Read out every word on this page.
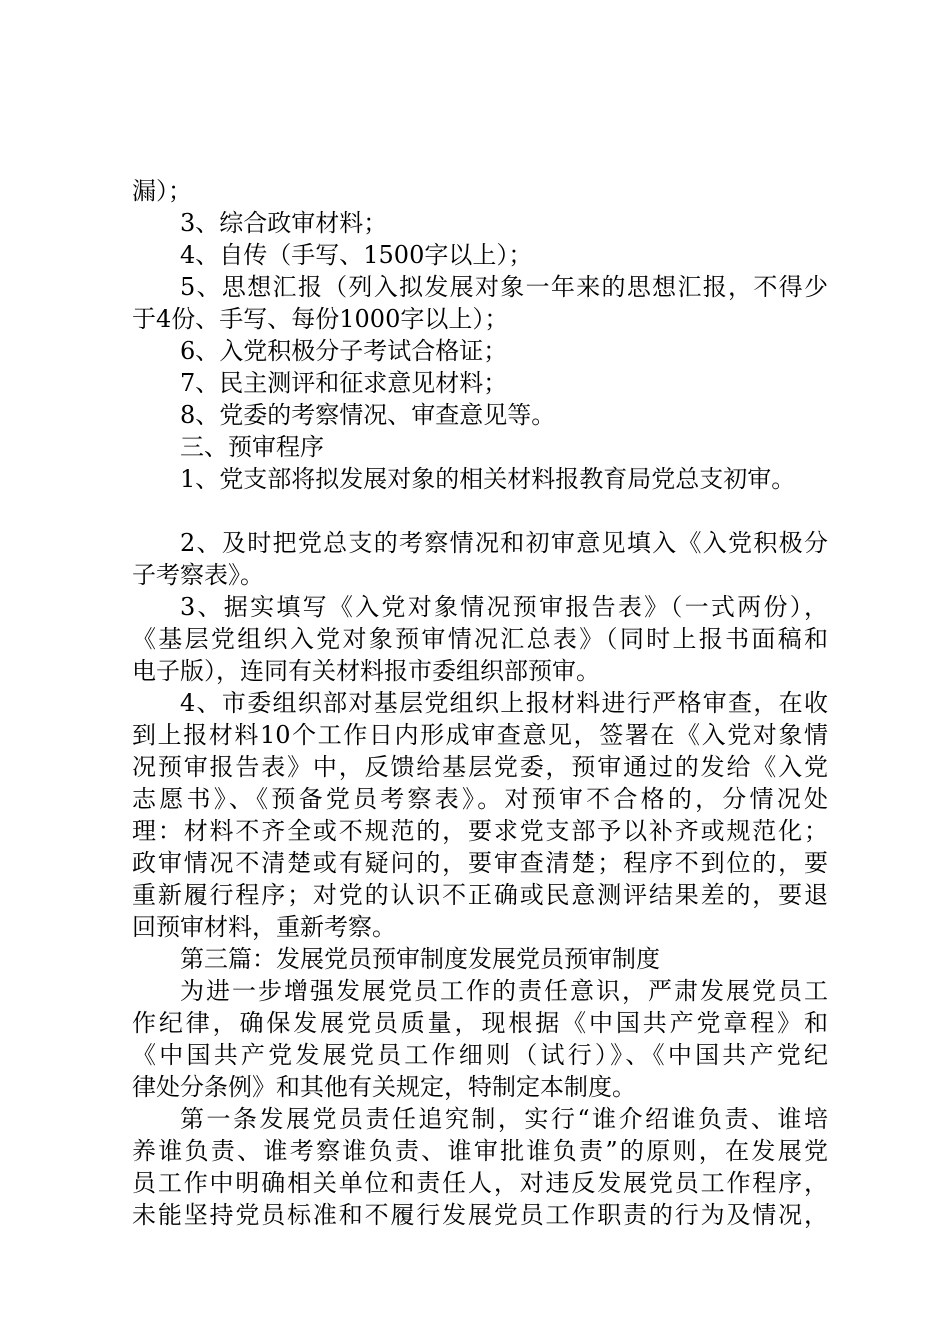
漏）；
3、综合政审材料；
4、自传（手写、1500字以上）；
5、思想汇报（列入拟发展对象一年来的思想汇报，不得少
于4份、手写、每份1000字以上）；
6、入党积极分子考试合格证；
7、民主测评和征求意见材料；
8、党委的考察情况、审查意见等。
三、预审程序
1、党支部将拟发展对象的相关材料报教育局党总支初审。
2、及时把党总支的考察情况和初审意见填入《入党积极分
子考察表》。
3、据实填写《入党对象情况预审报告表》（一式两份），
《基层党组织入党对象预审情况汇总表》（同时上报书面稿和
电子版），连同有关材料报市委组织部预审。
4、市委组织部对基层党组织上报材料进行严格审查，在收
到上报材料10个工作日内形成审查意见，签署在《入党对象情
况预审报告表》中，反馈给基层党委，预审通过的发给《入党
志愿书》、《预备党员考察表》。对预审不合格的，分情况处
理：材料不齐全或不规范的，要求党支部予以补齐或规范化；
政审情况不清楚或有疑问的，要审查清楚；程序不到位的，要
重新履行程序；对党的认识不正确或民意测评结果差的，要退
回预审材料，重新考察。
第三篇：发展党员预审制度发展党员预审制度
为进一步增强发展党员工作的责任意识，严肃发展党员工
作纪律，确保发展党员质量，现根据《中国共产党章程》和
《中国共产党发展党员工作细则（试行）》、《中国共产党纪
律处分条例》和其他有关规定，特制定本制度。
第一条发展党员责任追究制，实行“谁介绍谁负责、谁培
养谁负责、谁考察谁负责、谁审批谁负责”的原则，在发展党
员工作中明确相关单位和责任人，对违反发展党员工作程序，
未能坚持党员标准和不履行发展党员工作职责的行为及情况，
